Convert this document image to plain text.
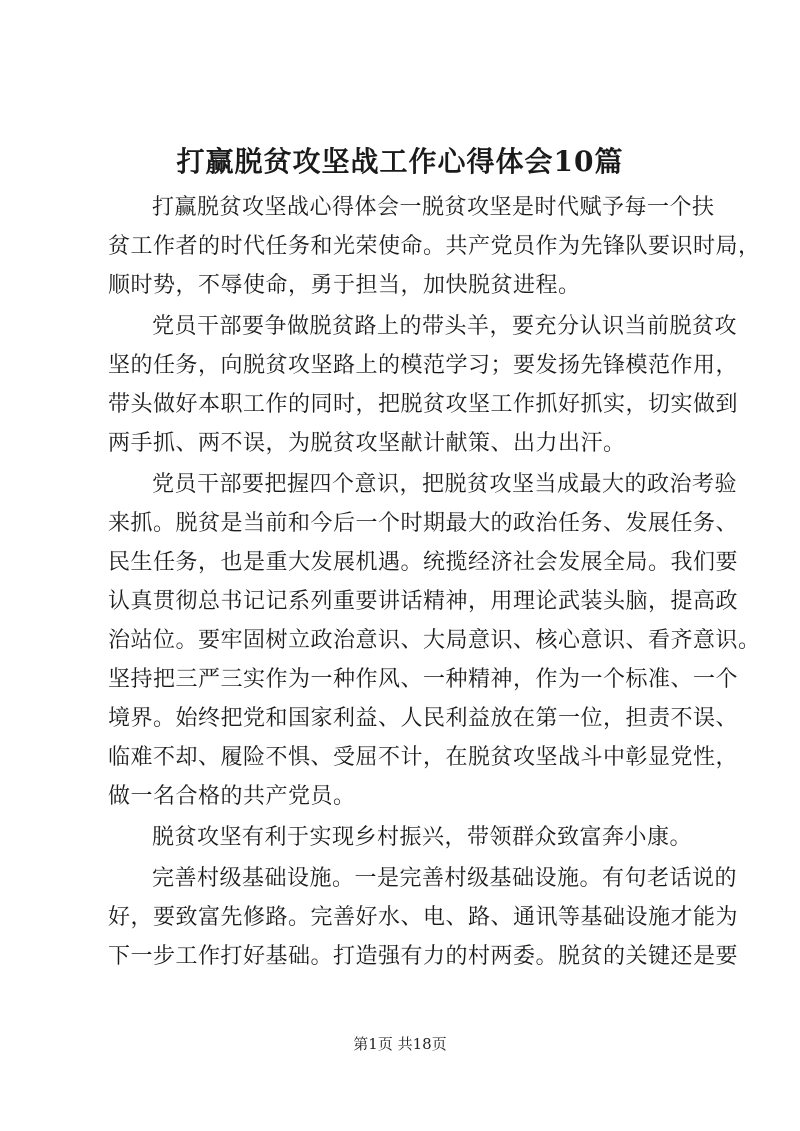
打赢脱贫攻坚战工作心得体会10篇
打赢脱贫攻坚战心得体会一脱贫攻坚是时代赋予每一个扶
贫工作者的时代任务和光荣使命。共产党员作为先锋队要识时局，
顺时势，不辱使命，勇于担当，加快脱贫进程。
党员干部要争做脱贫路上的带头羊，要充分认识当前脱贫攻
坚的任务，向脱贫攻坚路上的模范学习；要发扬先锋模范作用，
带头做好本职工作的同时，把脱贫攻坚工作抓好抓实，切实做到
两手抓、两不误，为脱贫攻坚献计献策、出力出汗。
党员干部要把握四个意识，把脱贫攻坚当成最大的政治考验
来抓。脱贫是当前和今后一个时期最大的政治任务、发展任务、
民生任务，也是重大发展机遇。统揽经济社会发展全局。我们要
认真贯彻总书记记系列重要讲话精神，用理论武装头脑，提高政
治站位。要牢固树立政治意识、大局意识、核心意识、看齐意识。
坚持把三严三实作为一种作风、一种精神，作为一个标准、一个
境界。始终把党和国家利益、人民利益放在第一位，担责不误、
临难不却、履险不惧、受屈不计，在脱贫攻坚战斗中彰显党性，
做一名合格的共产党员。
脱贫攻坚有利于实现乡村振兴，带领群众致富奔小康。
完善村级基础设施。一是完善村级基础设施。有句老话说的
好，要致富先修路。完善好水、电、路、通讯等基础设施才能为
下一步工作打好基础。打造强有力的村两委。脱贫的关键还是要
第1页 共18页
